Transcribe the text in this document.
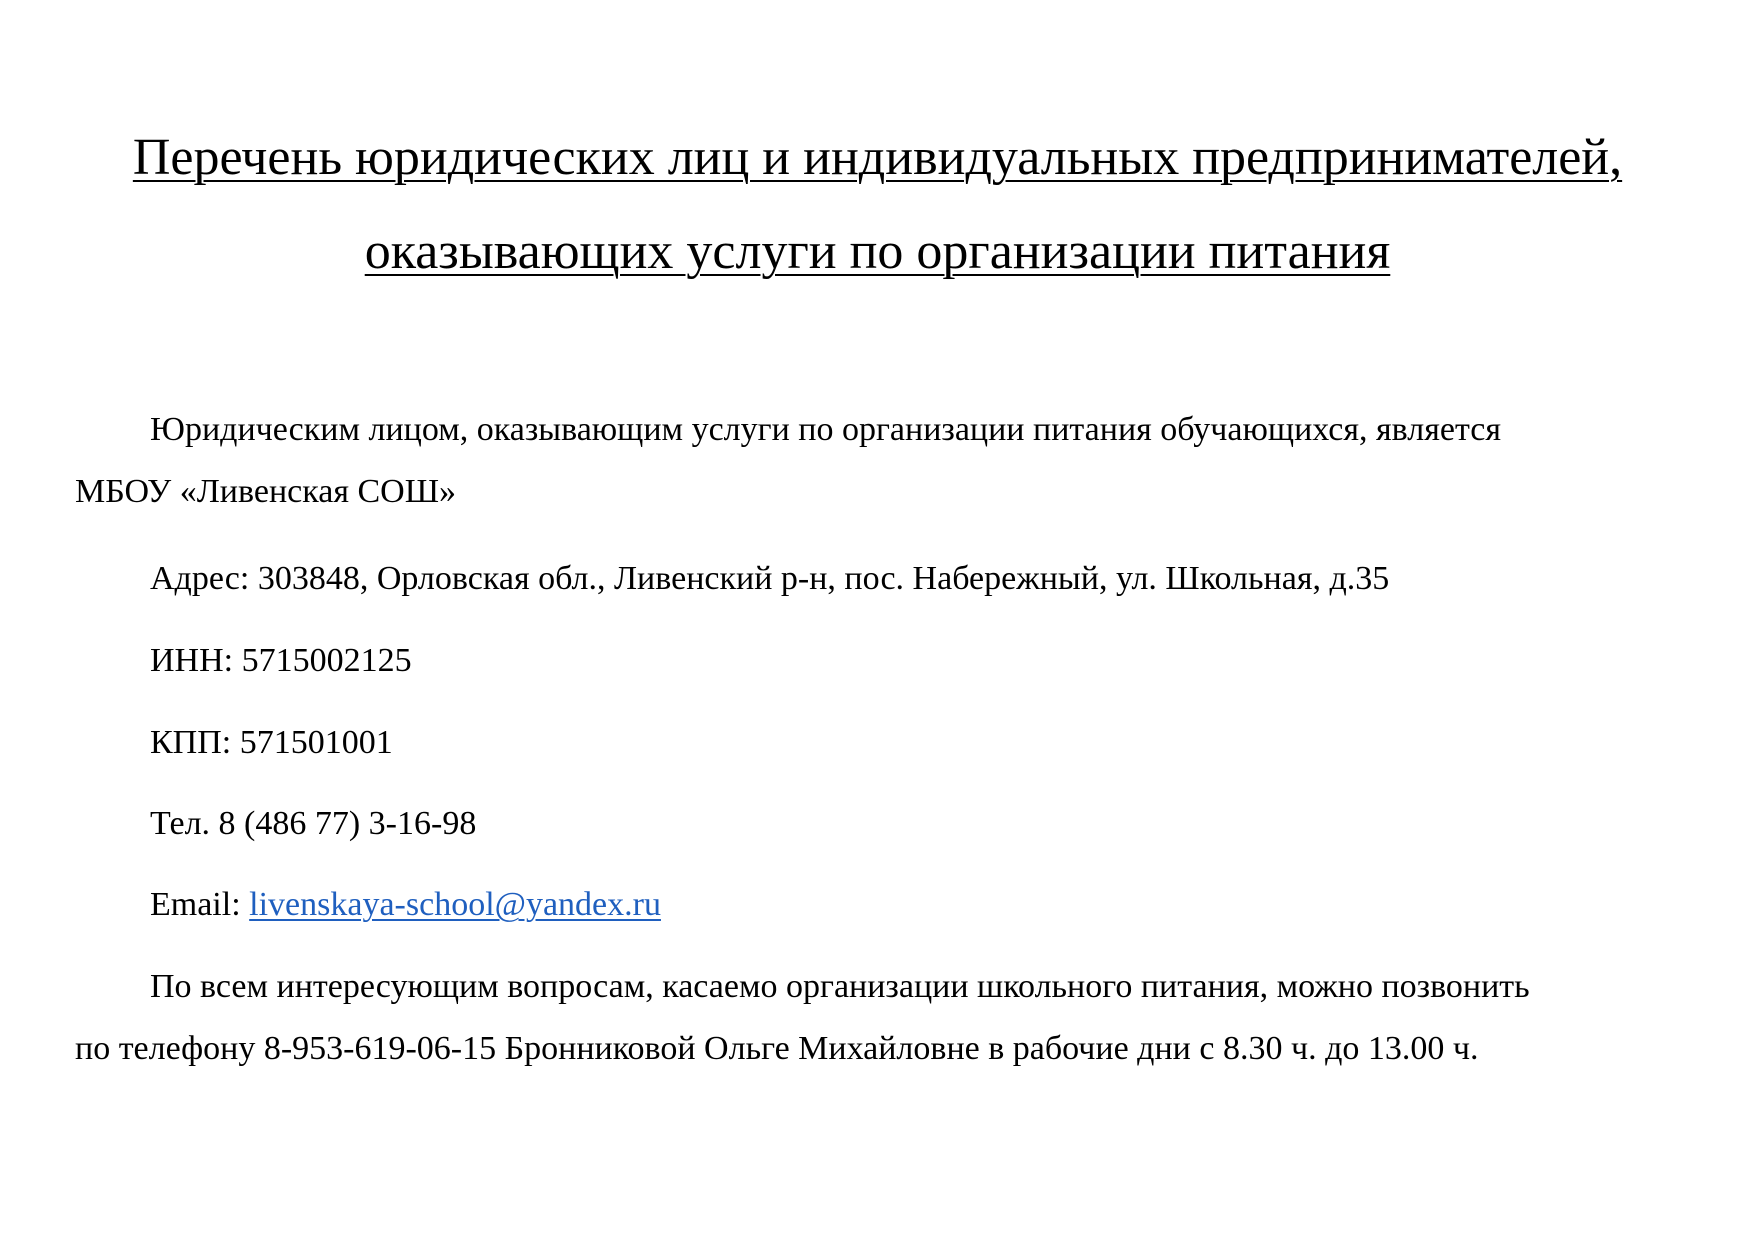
Перечень юридических лиц и индивидуальных предпринимателей,
оказывающих услуги по организации питания
Юридическим лицом, оказывающим услуги по организации питания обучающихся, является
МБОУ «Ливенская СОШ»
Адрес: 303848, Орловская обл., Ливенский р-н, пос. Набережный, ул. Школьная, д.35
ИНН: 5715002125
КПП: 571501001
Тел. 8 (486 77) 3-16-98
Email: livenskaya-school@yandex.ru
По всем интересующим вопросам, касаемо организации школьного питания, можно позвонить
по телефону 8-953-619-06-15 Бронниковой Ольге Михайловне в рабочие дни с 8.30 ч. до 13.00 ч.
